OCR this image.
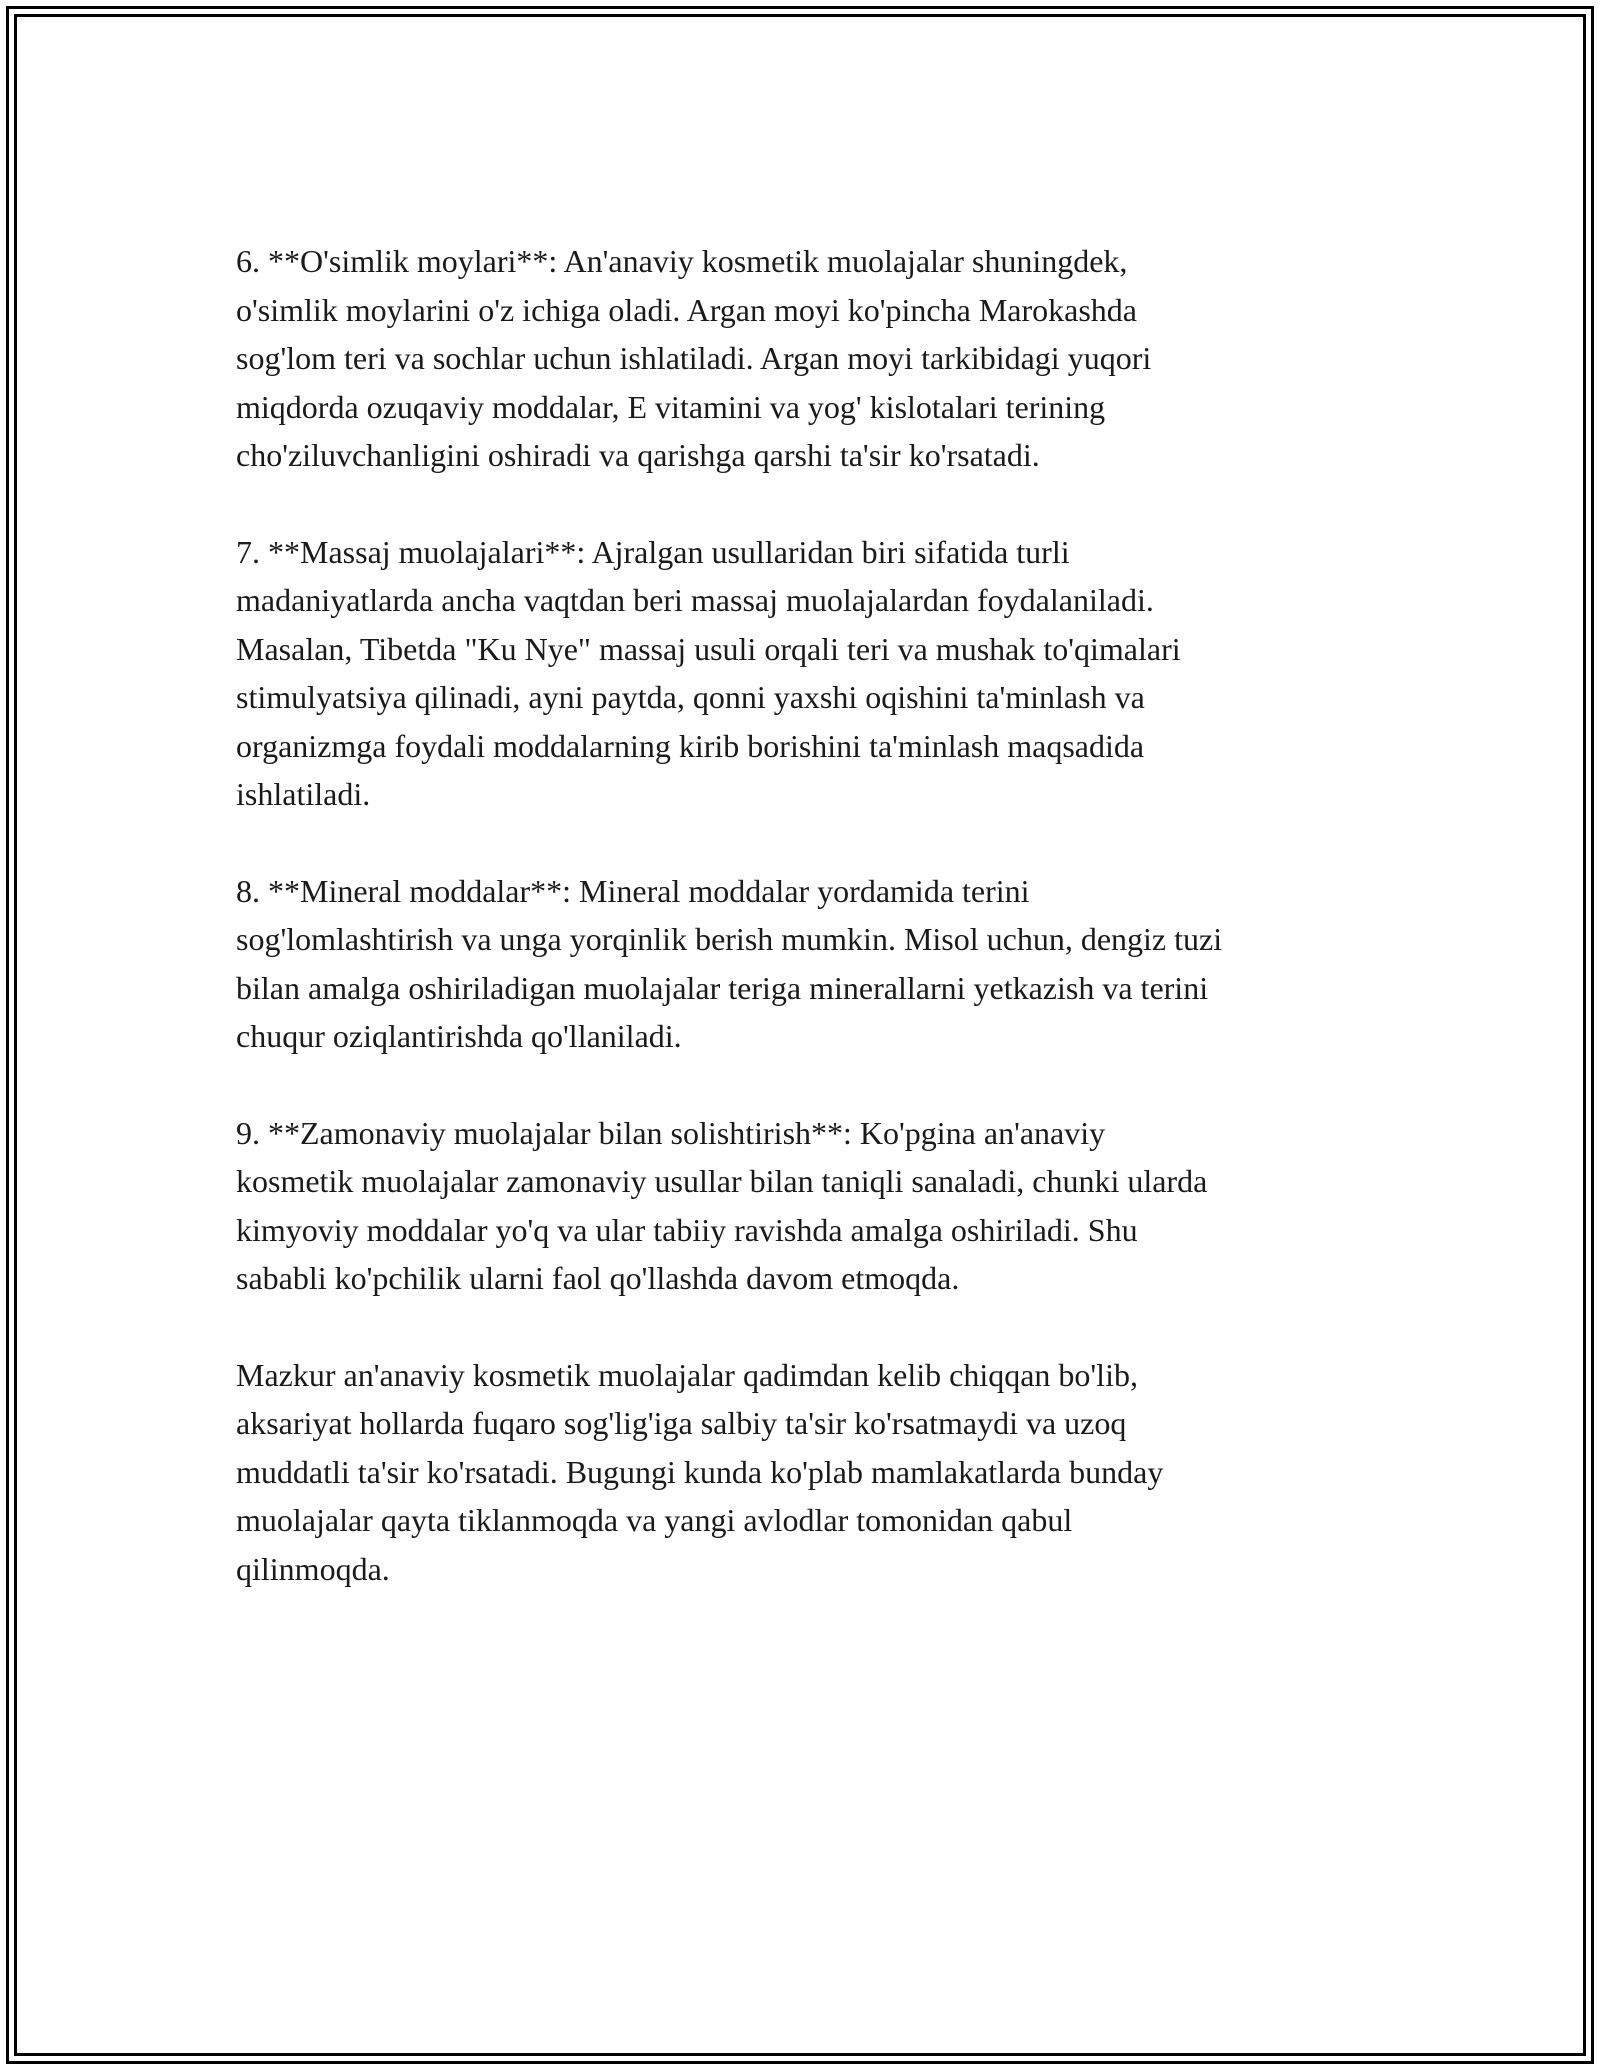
6. **O'simlik moylari**: An'anaviy kosmetik muolajalar shuningdek,
o'simlik moylarini o'z ichiga oladi. Argan moyi ko'pincha Marokashda
sog'lom teri va sochlar uchun ishlatiladi. Argan moyi tarkibidagi yuqori
miqdorda ozuqaviy moddalar, E vitamini va yog' kislotalari terining
cho'ziluvchanligini oshiradi va qarishga qarshi ta'sir ko'rsatadi.

7. **Massaj muolajalari**: Ajralgan usullaridan biri sifatida turli
madaniyatlarda ancha vaqtdan beri massaj muolajalardan foydalaniladi.
Masalan, Tibetda "Ku Nye" massaj usuli orqali teri va mushak to'qimalari
stimulyatsiya qilinadi, ayni paytda, qonni yaxshi oqishini ta'minlash va
organizmga foydali moddalarning kirib borishini ta'minlash maqsadida
ishlatiladi.

8. **Mineral moddalar**: Mineral moddalar yordamida terini
sog'lomlashtirish va unga yorqinlik berish mumkin. Misol uchun, dengiz tuzi
bilan amalga oshiriladigan muolajalar teriga minerallarni yetkazish va terini
chuqur oziqlantirishda qo'llaniladi.

9. **Zamonaviy muolajalar bilan solishtirish**: Ko'pgina an'anaviy
kosmetik muolajalar zamonaviy usullar bilan taniqli sanaladi, chunki ularda
kimyoviy moddalar yo'q va ular tabiiy ravishda amalga oshiriladi. Shu
sababli ko'pchilik ularni faol qo'llashda davom etmoqda.

Mazkur an'anaviy kosmetik muolajalar qadimdan kelib chiqqan bo'lib,
aksariyat hollarda fuqaro sog'lig'iga salbiy ta'sir ko'rsatmaydi va uzoq
muddatli ta'sir ko'rsatadi. Bugungi kunda ko'plab mamlakatlarda bunday
muolajalar qayta tiklanmoqda va yangi avlodlar tomonidan qabul
qilinmoqda.
